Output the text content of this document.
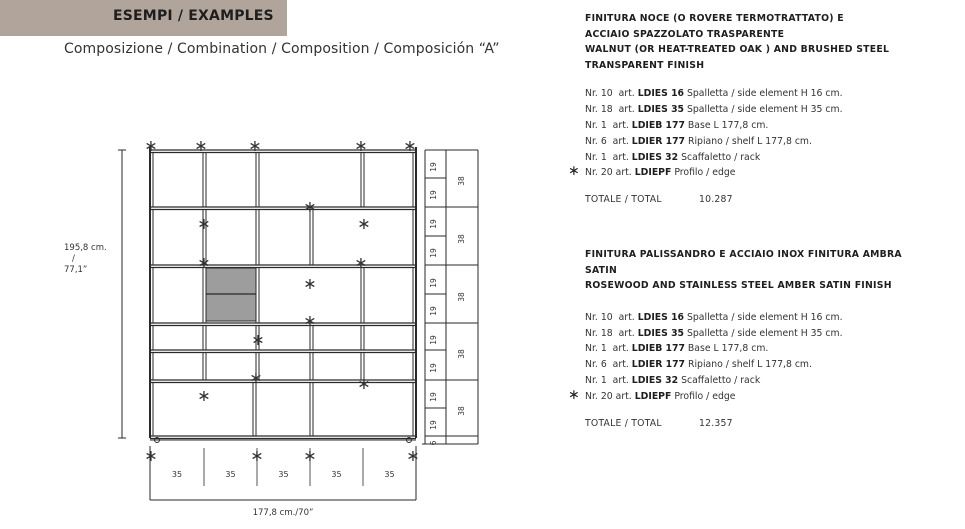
ESEMPI / EXAMPLES
Composizione / Combination / Composition / Composición “A”
FINITURA NOCE (O ROVERE TERMOTRATTATO) E
ACCIAIO SPAZZOLATO TRASPARENTE
WALNUT (OR HEAT-TREATED OAK ) AND BRUSHED STEEL
TRANSPARENT FINISH
Nr. 10 art. LDIES 16 Spalletta / side element H 16 cm.
Nr. 18 art. LDIES 35 Spalletta / side element H 35 cm.
Nr. 1 art. LDIEB 177 Base L 177,8 cm.
Nr. 6 art. LDIER 177 Ripiano / shelf L 177,8 cm.
Nr. 1 art. LDIES 32 Scaffaletto / rack
∗ Nr. 20 art. LDIEPF Profilo / edge
TOTALE / TOTAL	10.287
FINITURA PALISSANDRO E ACCIAIO INOX FINITURA AMBRA
SATIN
ROSEWOOD AND STAINLESS STEEL AMBER SATIN FINISH
Nr. 10 art. LDIES 16 Spalletta / side element H 16 cm.
Nr. 18 art. LDIES 35 Spalletta / side element H 35 cm.
Nr. 1 art. LDIEB 177 Base L 177,8 cm.
Nr. 6 art. LDIER 177 Ripiano / shelf L 177,8 cm.
Nr. 1 art. LDIES 32 Scaffaletto / rack
∗ Nr. 20 art. LDIEPF Profilo / edge
TOTALE / TOTAL	12.357
∗ ∗	∗	∗ ∗
∗
∗	∗
∗	∗
∗
∗
∗
∗	∗
∗
∗	∗ ∗	∗
195,8 cm.
/
77,1”
19
19
19
19
19
19
19
19
19
19
38
38
38
38
38
6
35	35	35	35	35
177,8 cm./70”
